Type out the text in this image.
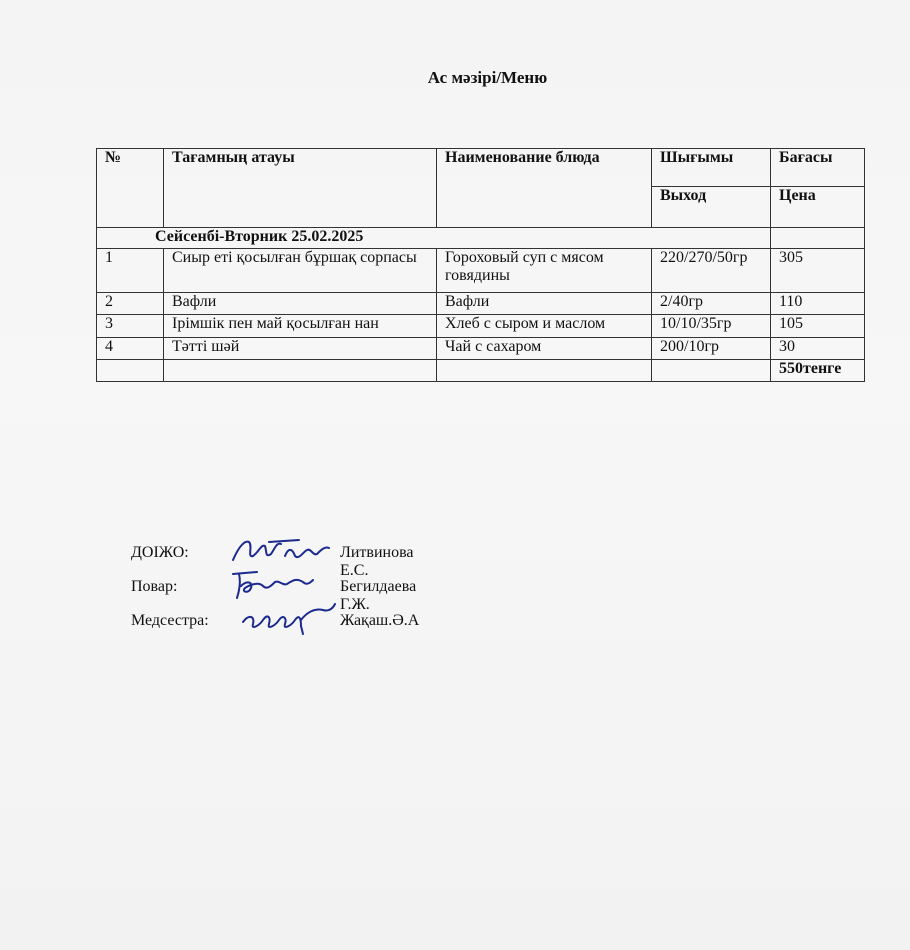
Ас мәзірі/Меню
№	Тағамның атауы	Наименование блюда	Шығымы	Бағасы
			Выход	Цена
Сейсенбі-Вторник 25.02.2025				
1	Сиыр еті қосылған бұршақ сорпасы	Гороховый суп с мясом говядины	220/270/50гр	305
2	Вафли	Вафли	2/40гр	110
3	Ірімшік пен май қосылған нан	Хлеб с сыром и маслом	10/10/35гр	105
4	Тәтті шәй	Чай с сахаром	200/10гр	30
				550тенге
ДОІЖО:	Литвинова Е.С.
Повар:	Бегилдаева Г.Ж.
Медсестра:	Жақаш.Ә.А
